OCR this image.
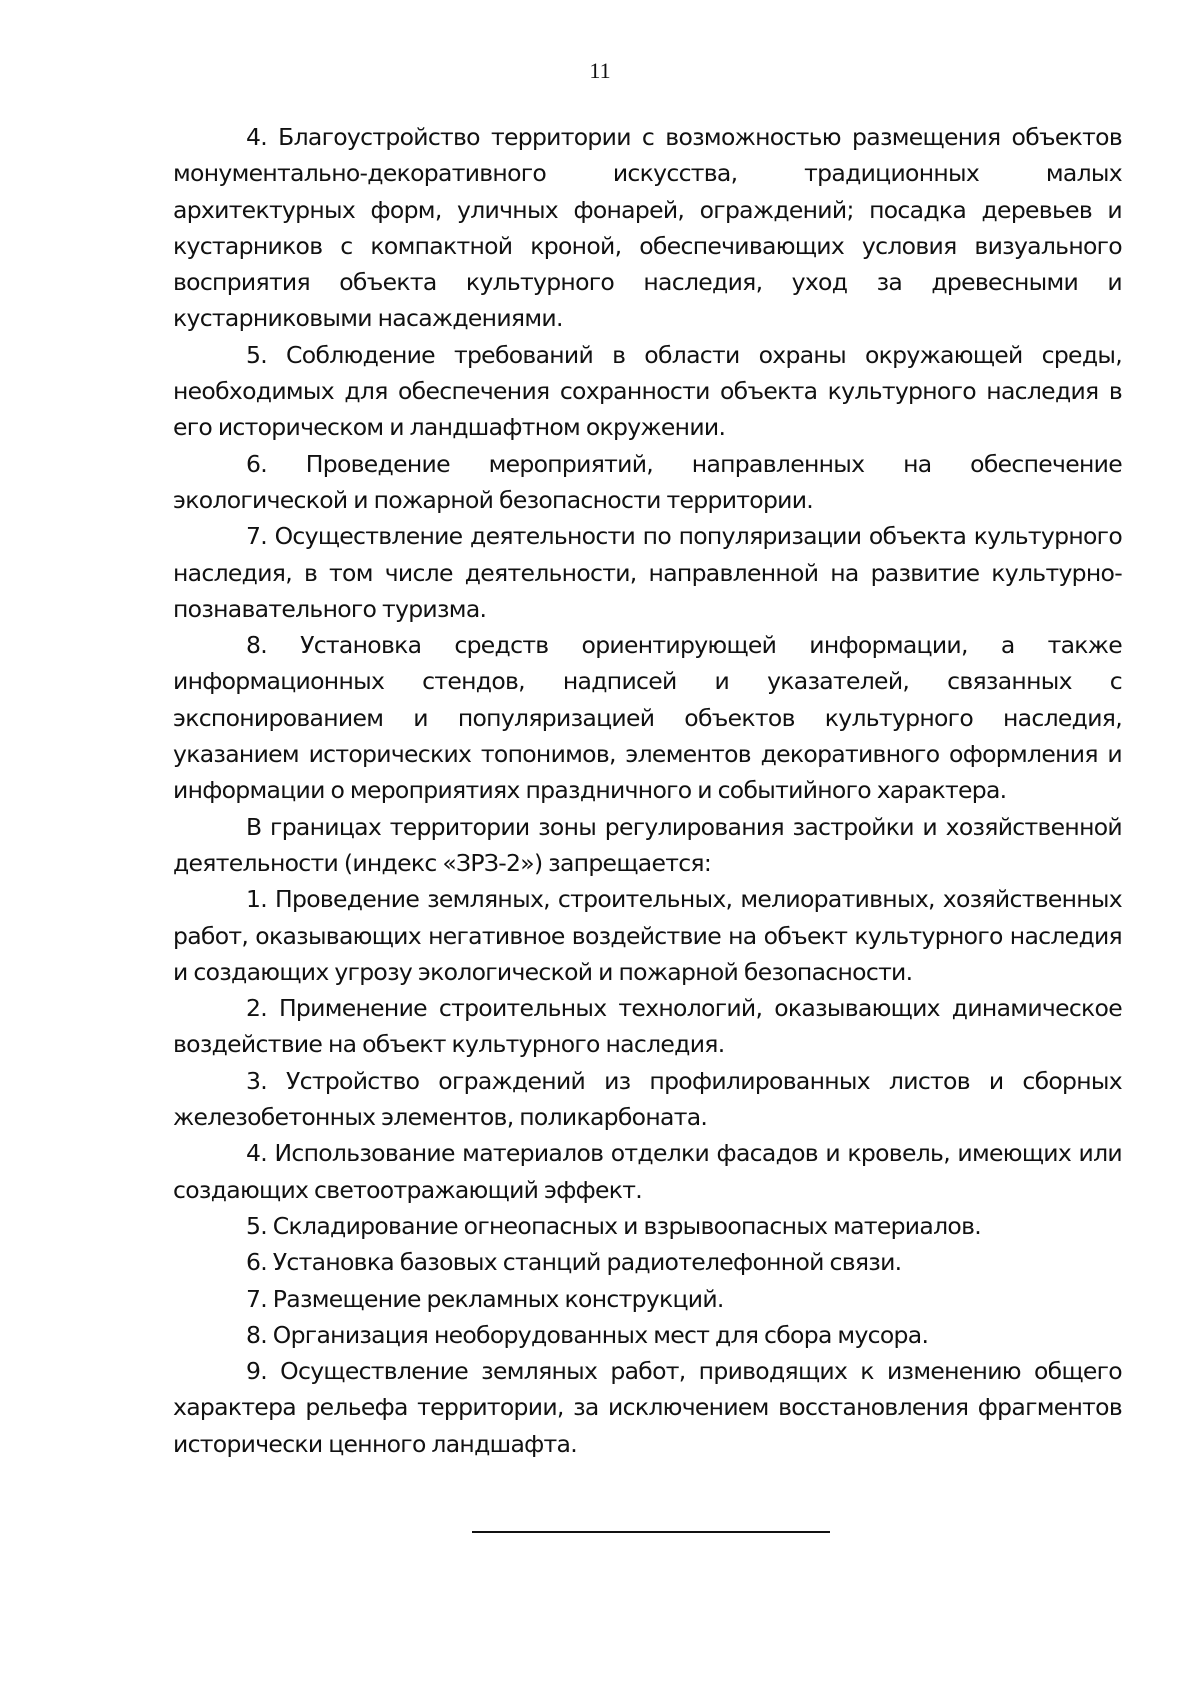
11

4. Благоустройство территории с возможностью размещения объектов монументально-декоративного искусства, традиционных малых архитектурных форм, уличных фонарей, ограждений; посадка деревьев и кустарников с компактной кроной, обеспечивающих условия визуального восприятия объекта культурного наследия, уход за древесными и кустарниковыми насаждениями.

5. Соблюдение требований в области охраны окружающей среды, необходимых для обеспечения сохранности объекта культурного наследия в его историческом и ландшафтном окружении.

6. Проведение мероприятий, направленных на обеспечение экологической и пожарной безопасности территории.

7. Осуществление деятельности по популяризации объекта культурного наследия, в том числе деятельности, направленной на развитие культурно-познавательного туризма.

8. Установка средств ориентирующей информации, а также информационных стендов, надписей и указателей, связанных с экспонированием и популяризацией объектов культурного наследия, указанием исторических топонимов, элементов декоративного оформления и информации о мероприятиях праздничного и событийного характера.

В границах территории зоны регулирования застройки и хозяйственной деятельности (индекс «ЗРЗ-2») запрещается:

1. Проведение земляных, строительных, мелиоративных, хозяйственных работ, оказывающих негативное воздействие на объект культурного наследия и создающих угрозу экологической и пожарной безопасности.

2. Применение строительных технологий, оказывающих динамическое воздействие на объект культурного наследия.

3. Устройство ограждений из профилированных листов и сборных железобетонных элементов, поликарбоната.

4. Использование материалов отделки фасадов и кровель, имеющих или создающих светоотражающий эффект.

5. Складирование огнеопасных и взрывоопасных материалов.

6. Установка базовых станций радиотелефонной связи.

7. Размещение рекламных конструкций.

8. Организация необорудованных мест для сбора мусора.

9. Осуществление земляных работ, приводящих к изменению общего характера рельефа территории, за исключением восстановления фрагментов исторически ценного ландшафта.
